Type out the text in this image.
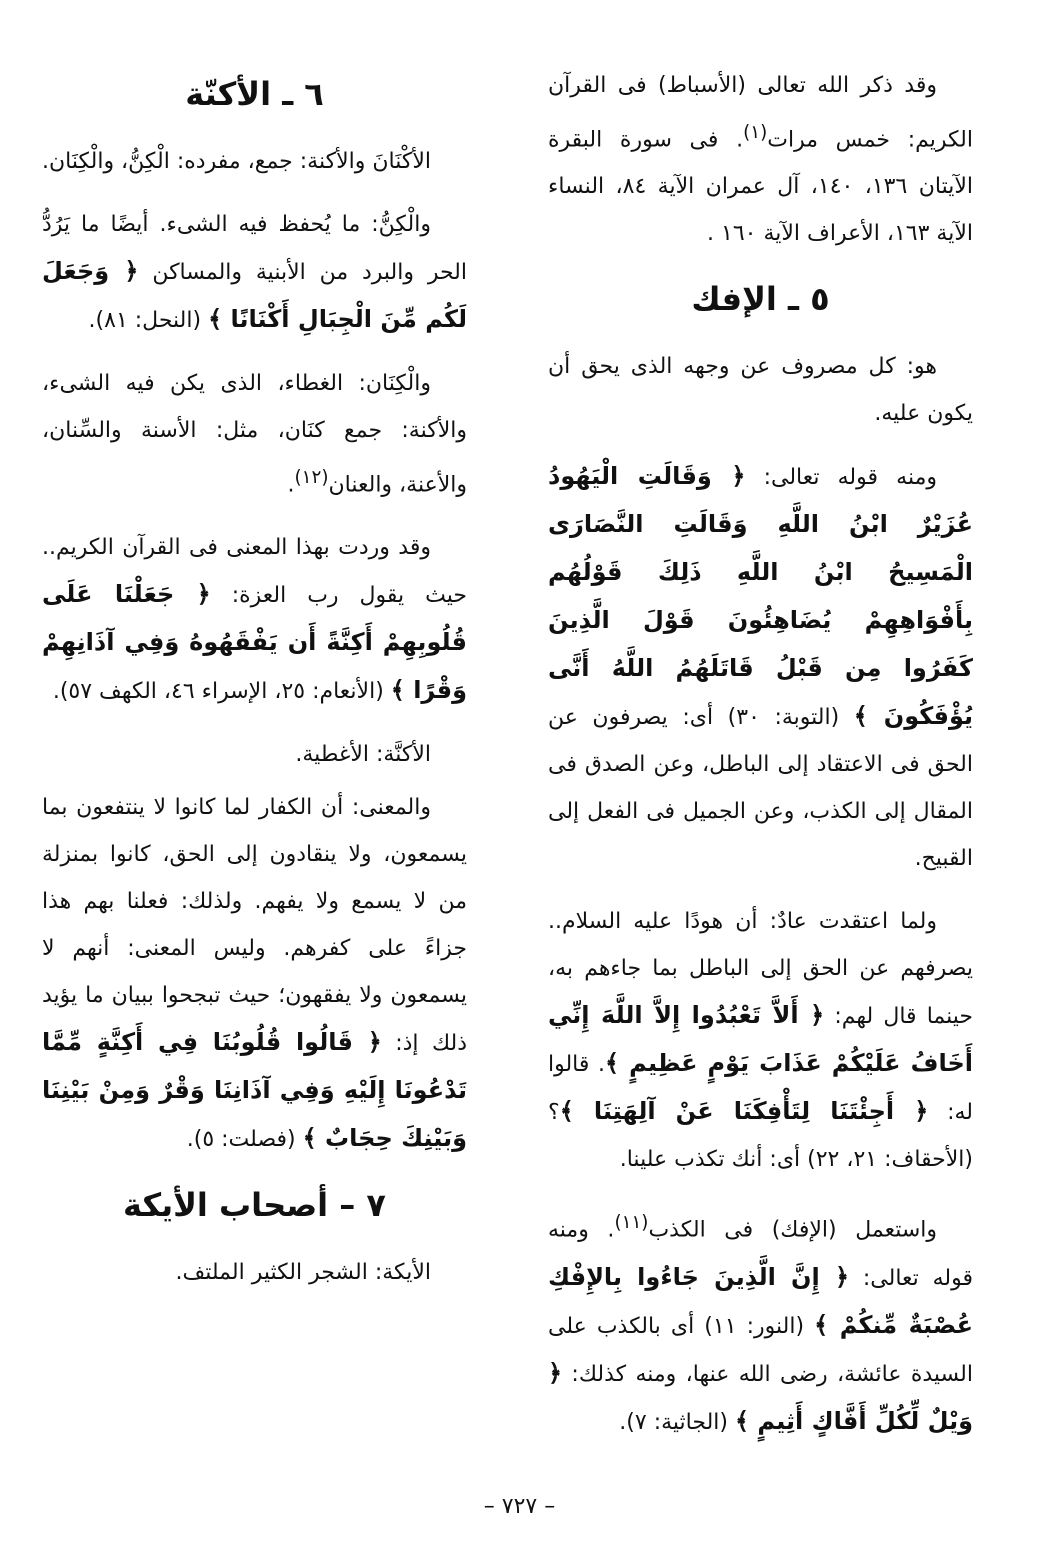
وقد ذكر الله تعالى (الأسباط) فى القرآن الكريم: خمس مرات$^{(١)}$. فى سورة البقرة الآيتان ١٣٦، ١٤٠، آل عمران الآية ٨٤، النساء الآية ١٦٣، الأعراف الآية ١٦٠ .

٥ ـ الإفك

هو: كل مصروف عن وجهه الذى يحق أن يكون عليه.

ومنه قوله تعالى: ﴿ وَقَالَتِ الْيَهُودُ عُزَيْرٌ ابْنُ اللَّهِ وَقَالَتِ النَّصَارَى الْمَسِيحُ ابْنُ اللَّهِ ذَلِكَ قَوْلُهُم بِأَفْوَاهِهِمْ يُضَاهِئُونَ قَوْلَ الَّذِينَ كَفَرُوا مِن قَبْلُ قَاتَلَهُمُ اللَّهُ أَنَّى يُؤْفَكُونَ ﴾ (التوبة: ٣٠) أى: يصرفون عن الحق فى الاعتقاد إلى الباطل، وعن الصدق فى المقال إلى الكذب، وعن الجميل فى الفعل إلى القبيح.

ولما اعتقدت عادٌ: أن هودًا عليه السلام.. يصرفهم عن الحق إلى الباطل بما جاءهم به، حينما قال لهم: ﴿ أَلاَّ تَعْبُدُوا إِلاَّ اللَّهَ إِنِّي أَخَافُ عَلَيْكُمْ عَذَابَ يَوْمٍ عَظِيمٍ ﴾. قالوا له: ﴿ أَجِئْتَنَا لِتَأْفِكَنَا عَنْ آلِهَتِنَا ﴾؟ (الأحقاف: ٢١، ٢٢) أى: أنك تكذب علينا.

واستعمل (الإفك) فى الكذب$^{(١١)}$. ومنه قوله تعالى: ﴿ إِنَّ الَّذِينَ جَاءُوا بِالإِفْكِ عُصْبَةٌ مِّنكُمْ ﴾ (النور: ١١) أى بالكذب على السيدة عائشة، رضى الله عنها، ومنه كذلك: ﴿ وَيْلٌ لِّكُلِّ أَفَّاكٍ أَثِيمٍ ﴾ (الجاثية: ٧).

٦ ـ الأكنّة

الأكْنَانَ والأكنة: جمع، مفرده: الْكِنُّ، والْكِنَان.

والْكِنُّ: ما يُحفظ فيه الشىء. أيضًا ما يَرُدُّ الحر والبرد من الأبنية والمساكن ﴿ وَجَعَلَ لَكُم مِّنَ الْجِبَالِ أَكْنَانًا ﴾ (النحل: ٨١).

والْكِنَان: الغطاء، الذى يكن فيه الشىء، والأكنة: جمع كنَان، مثل: الأسنة والسِّنان، والأعنة، والعنان$^{(١٢)}$.

وقد وردت بهذا المعنى فى القرآن الكريم.. حيث يقول رب العزة: ﴿ جَعَلْنَا عَلَى قُلُوبِهِمْ أَكِنَّةً أَن يَفْقَهُوهُ وَفِي آذَانِهِمْ وَقْرًا ﴾ (الأنعام: ٢٥، الإسراء ٤٦، الكهف ٥٧).

الأكنَّة: الأغطية.

والمعنى: أن الكفار لما كانوا لا ينتفعون بما يسمعون، ولا ينقادون إلى الحق، كانوا بمنزلة من لا يسمع ولا يفهم. ولذلك: فعلنا بهم هذا جزاءً على كفرهم. وليس المعنى: أنهم لا يسمعون ولا يفقهون؛ حيث تبجحوا ببيان ما يؤيد ذلك إذ: ﴿ قَالُوا قُلُوبُنَا فِي أَكِنَّةٍ مِّمَّا تَدْعُونَا إِلَيْهِ وَفِي آذَانِنَا وَقْرٌ وَمِنْ بَيْنِنَا وَبَيْنِكَ حِجَابٌ ﴾ (فصلت: ٥).

٧ – أصحاب الأيكة

الأيكة: الشجر الكثير الملتف.

– ٧٢٧ –
